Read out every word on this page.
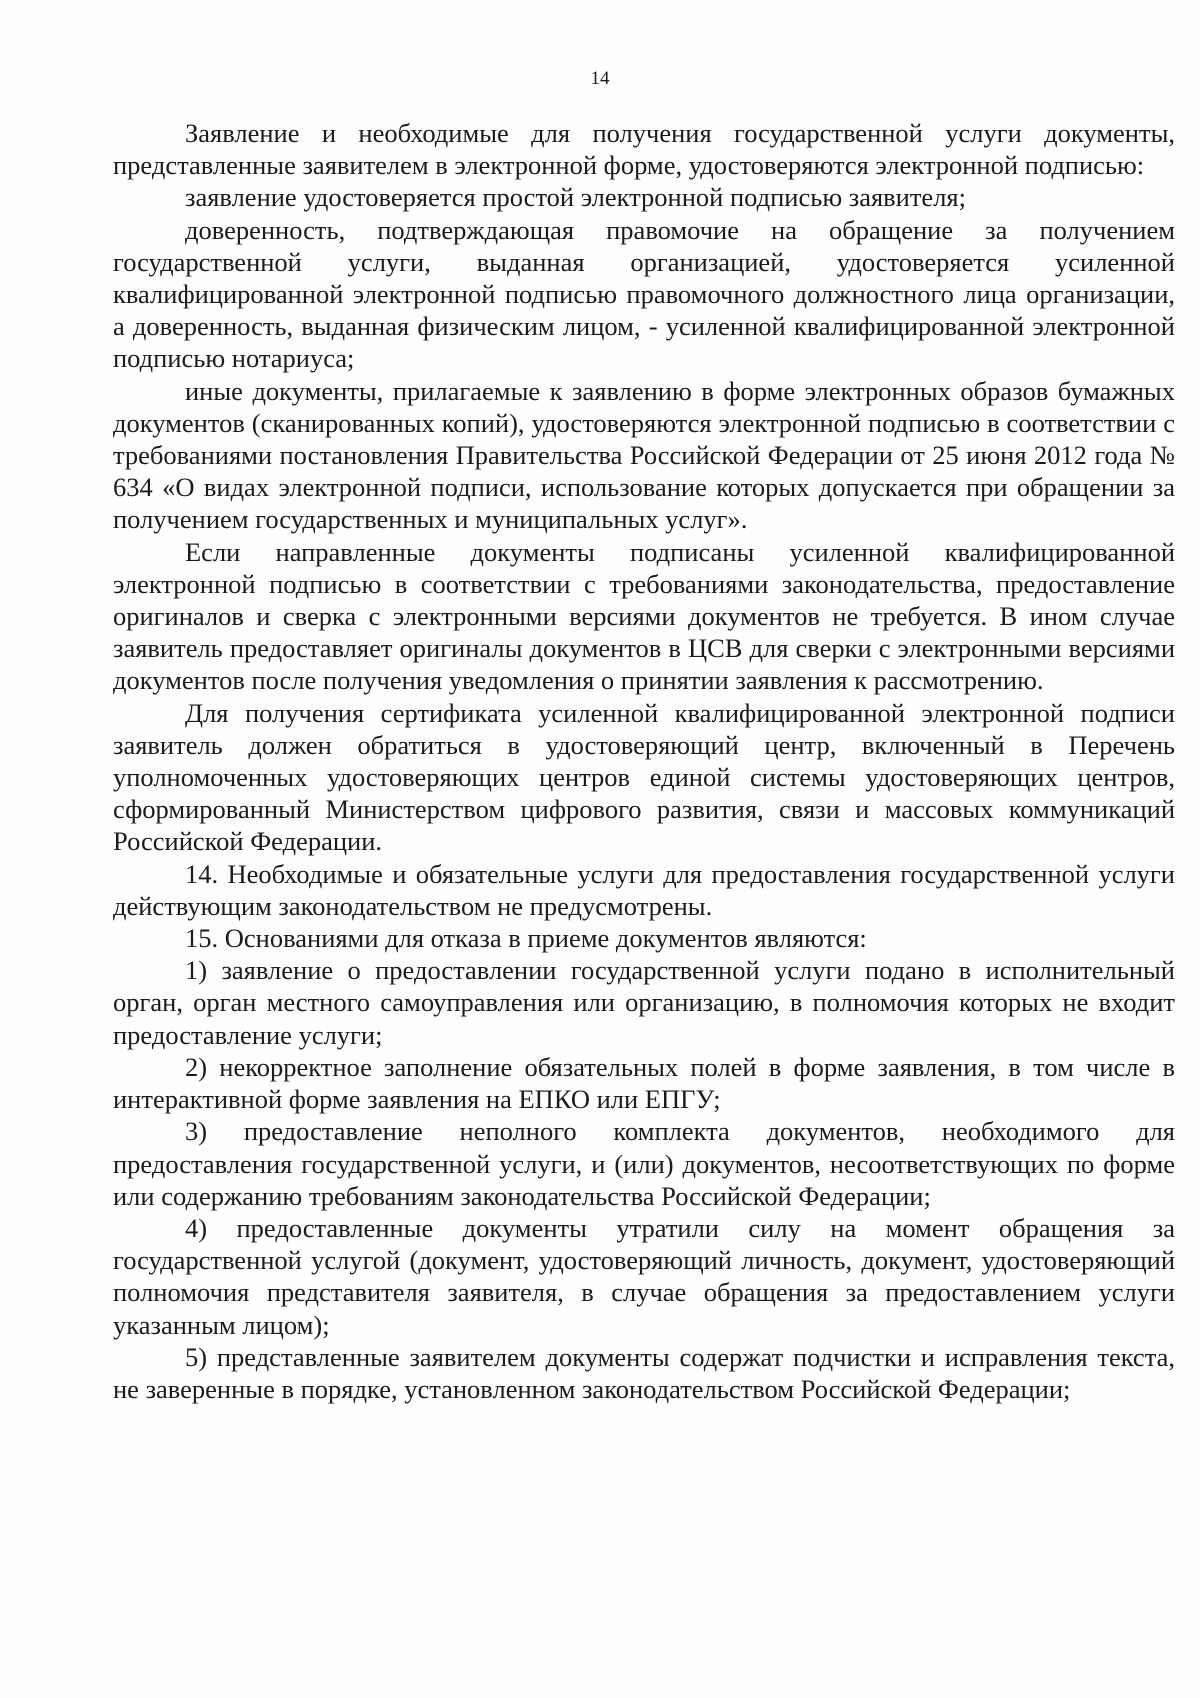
14

Заявление и необходимые для получения государственной услуги документы, представленные заявителем в электронной форме, удостоверяются электронной подписью:

заявление удостоверяется простой электронной подписью заявителя;

доверенность, подтверждающая правомочие на обращение за получением государственной услуги, выданная организацией, удостоверяется усиленной квалифицированной электронной подписью правомочного должностного лица организации, а доверенность, выданная физическим лицом, - усиленной квалифицированной электронной подписью нотариуса;

иные документы, прилагаемые к заявлению в форме электронных образов бумажных документов (сканированных копий), удостоверяются электронной подписью в соответствии с требованиями постановления Правительства Российской Федерации от 25 июня 2012 года № 634 «О видах электронной подписи, использование которых допускается при обращении за получением государственных и муниципальных услуг».

Если направленные документы подписаны усиленной квалифицированной электронной подписью в соответствии с требованиями законодательства, предоставление оригиналов и сверка с электронными версиями документов не требуется. В ином случае заявитель предоставляет оригиналы документов в ЦСВ для сверки с электронными версиями документов после получения уведомления о принятии заявления к рассмотрению.

Для получения сертификата усиленной квалифицированной электронной подписи заявитель должен обратиться в удостоверяющий центр, включенный в Перечень уполномоченных удостоверяющих центров единой системы удостоверяющих центров, сформированный Министерством цифрового развития, связи и массовых коммуникаций Российской Федерации.

14. Необходимые и обязательные услуги для предоставления государственной услуги действующим законодательством не предусмотрены.

15. Основаниями для отказа в приеме документов являются:

1) заявление о предоставлении государственной услуги подано в исполнительный орган, орган местного самоуправления или организацию, в полномочия которых не входит предоставление услуги;

2) некорректное заполнение обязательных полей в форме заявления, в том числе в интерактивной форме заявления на ЕПКО или ЕПГУ;

3) предоставление неполного комплекта документов, необходимого для предоставления государственной услуги, и (или) документов, несоответствующих по форме или содержанию требованиям законодательства Российской Федерации;

4) предоставленные документы утратили силу на момент обращения за государственной услугой (документ, удостоверяющий личность, документ, удостоверяющий полномочия представителя заявителя, в случае обращения за предоставлением услуги указанным лицом);

5) представленные заявителем документы содержат подчистки и исправления текста, не заверенные в порядке, установленном законодательством Российской Федерации;
